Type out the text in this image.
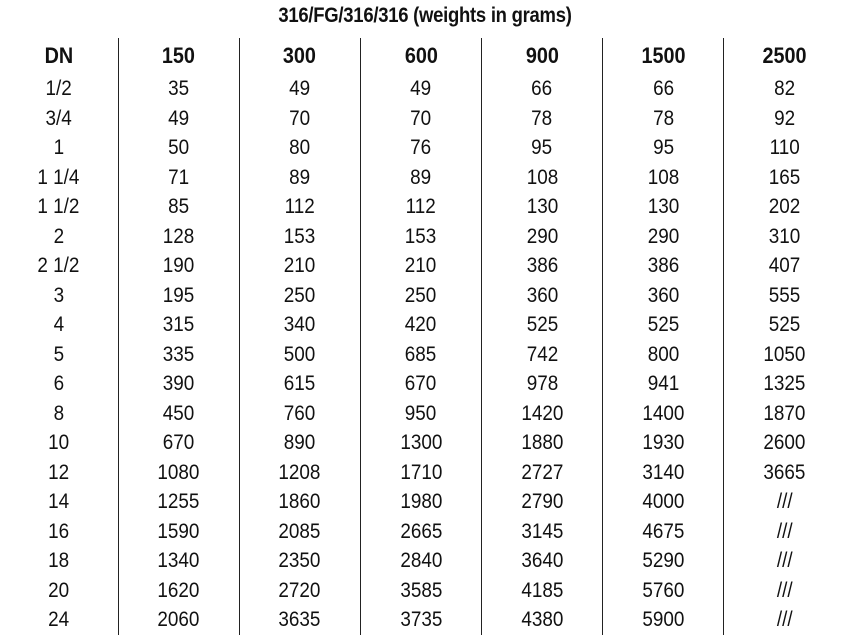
316/FG/316/316 (weights in grams)
DN	150	300	600	900	1500	2500
1/2	35	49	49	66	66	82
3/4	49	70	70	78	78	92
1	50	80	76	95	95	110
1 1/4	71	89	89	108	108	165
1 1/2	85	112	112	130	130	202
2	128	153	153	290	290	310
2 1/2	190	210	210	386	386	407
3	195	250	250	360	360	555
4	315	340	420	525	525	525
5	335	500	685	742	800	1050
6	390	615	670	978	941	1325
8	450	760	950	1420	1400	1870
10	670	890	1300	1880	1930	2600
12	1080	1208	1710	2727	3140	3665
14	1255	1860	1980	2790	4000	///
16	1590	2085	2665	3145	4675	///
18	1340	2350	2840	3640	5290	///
20	1620	2720	3585	4185	5760	///
24	2060	3635	3735	4380	5900	///
